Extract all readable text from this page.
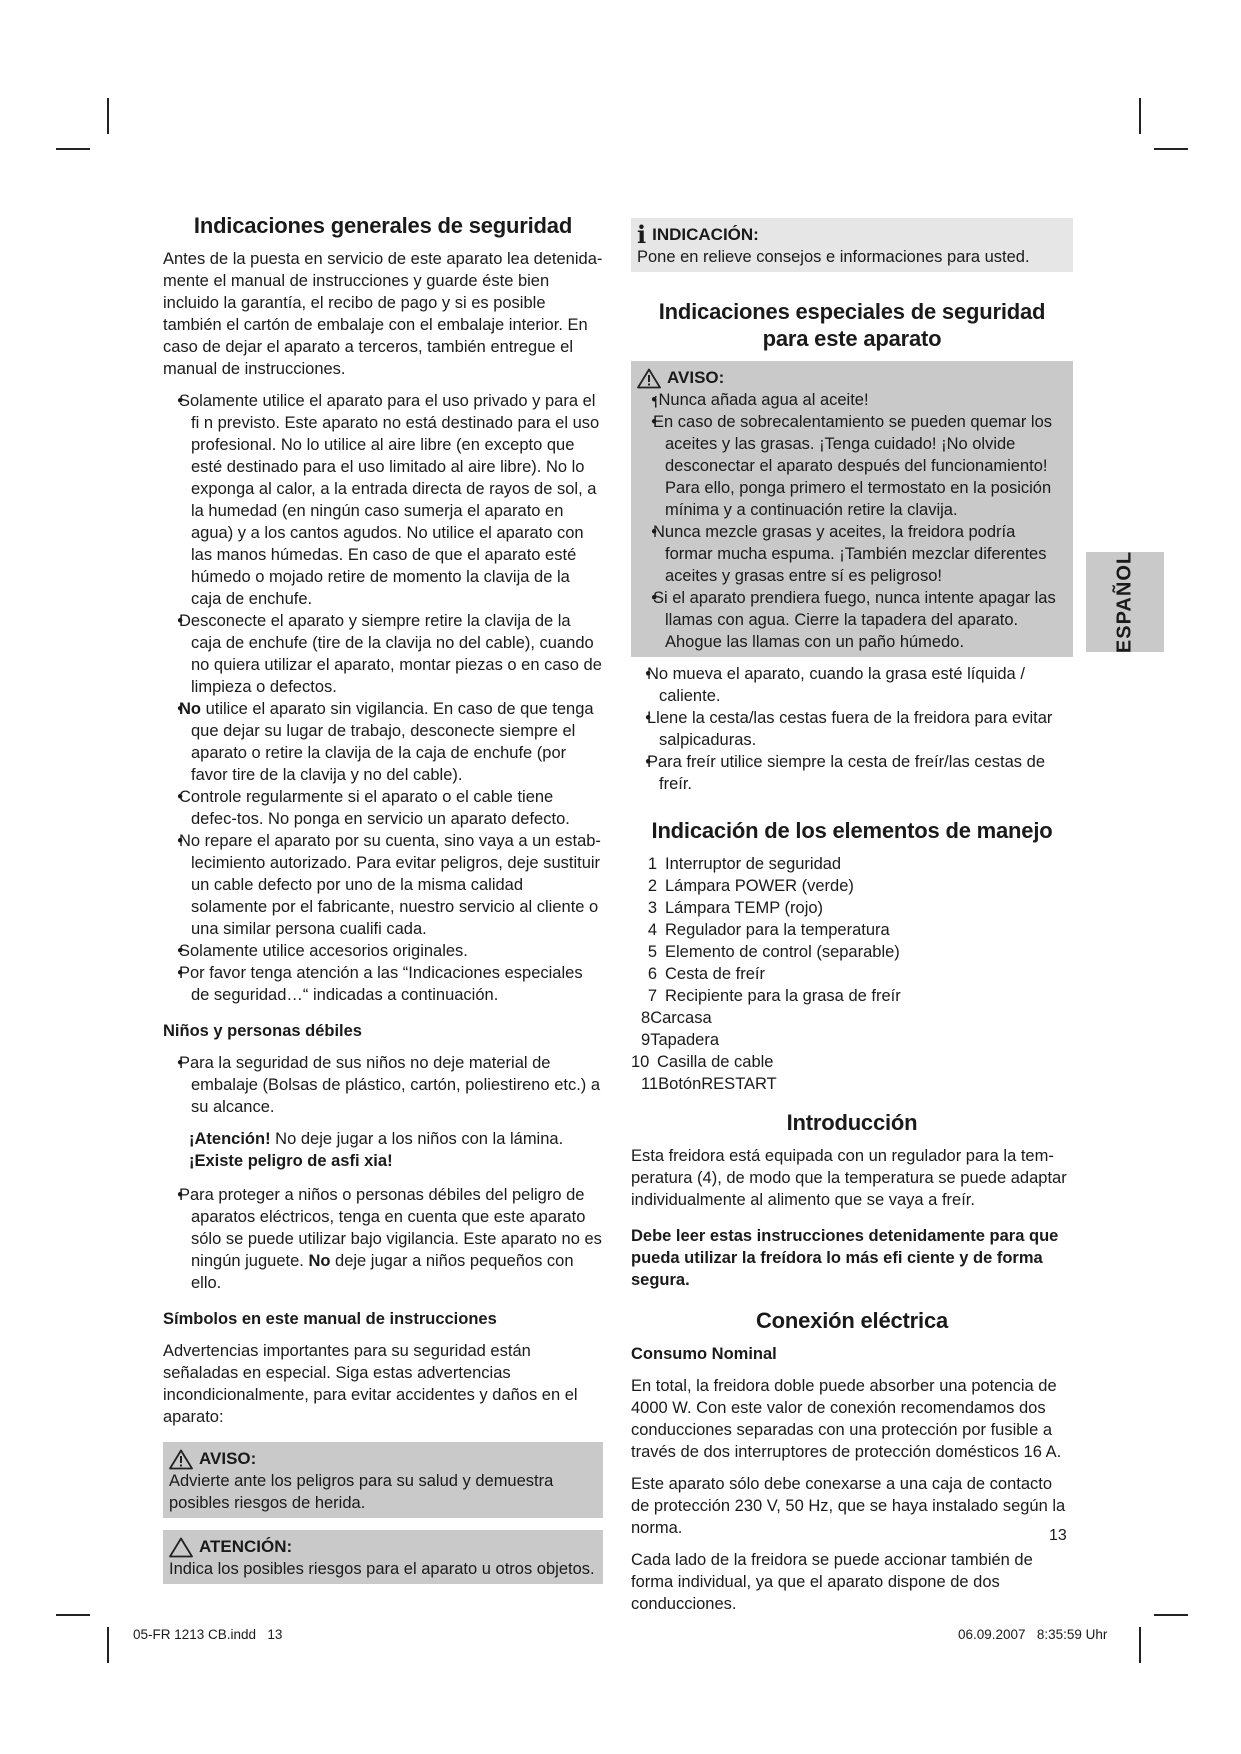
Indicaciones generales de seguridad

Antes de la puesta en servicio de este aparato lea detenida-mente el manual de instrucciones y guarde éste bien incluido la garantía, el recibo de pago y si es posible también el cartón de embalaje con el embalaje interior. En caso de dejar el aparato a terceros, también entregue el manual de instrucciones.

• Solamente utilice el aparato para el uso privado y para el fi n previsto. Este aparato no está destinado para el uso profesional. No lo utilice al aire libre (en excepto que esté destinado para el uso limitado al aire libre). No lo exponga al calor, a la entrada directa de rayos de sol, a la humedad (en ningún caso sumerja el aparato en agua) y a los cantos agudos. No utilice el aparato con las manos húmedas. En caso de que el aparato esté húmedo o mojado retire de momento la clavija de la caja de enchufe.
• Desconecte el aparato y siempre retire la clavija de la caja de enchufe (tire de la clavija no del cable), cuando no quiera utilizar el aparato, montar piezas o en caso de limpieza o defectos.
• No utilice el aparato sin vigilancia. En caso de que tenga que dejar su lugar de trabajo, desconecte siempre el aparato o retire la clavija de la caja de enchufe (por favor tire de la clavija y no del cable).
• Controle regularmente si el aparato o el cable tiene defec-tos. No ponga en servicio un aparato defecto.
• No repare el aparato por su cuenta, sino vaya a un estab-lecimiento autorizado. Para evitar peligros, deje sustituir un cable defecto por uno de la misma calidad solamente por el fabricante, nuestro servicio al cliente o una similar persona cualifi cada.
• Solamente utilice accesorios originales.
• Por favor tenga atención a las “Indicaciones especiales de seguridad…“ indicadas a continuación.
Niños y personas débiles
• Para la seguridad de sus niños no deje material de embalaje (Bolsas de plástico, cartón, poliestireno etc.) a su alcance.

¡Atención! No deje jugar a los niños con la lámina. ¡Existe peligro de asfi xia!

• Para proteger a niños o personas débiles del peligro de aparatos eléctricos, tenga en cuenta que este aparato sólo se puede utilizar bajo vigilancia. Este aparato no es ningún juguete. No deje jugar a niños pequeños con ello.
Símbolos en este manual de instrucciones

Advertencias importantes para su seguridad están señaladas en especial. Siga estas advertencias incondicionalmente, para evitar accidentes y daños en el aparato:

AVISO:
Advierte ante los peligros para su salud y demuestra posibles riesgos de herida.
ATENCIÓN:
Indica los posibles riesgos para el aparato u otros objetos.
i INDICACIÓN:
Pone en relieve consejos e informaciones para usted.
Indicaciones especiales de seguridad
para este aparato
AVISO:
• ¡Nunca añada agua al aceite!
• En caso de sobrecalentamiento se pueden quemar los aceites y las grasas. ¡Tenga cuidado! ¡No olvide desconectar el aparato después del funcionamiento! Para ello, ponga primero el termostato en la posición mínima y a continuación retire la clavija.
• Nunca mezcle grasas y aceites, la freidora podría formar mucha espuma. ¡También mezclar diferentes aceites y grasas entre sí es peligroso!
• Si el aparato prendiera fuego, nunca intente apagar las llamas con agua. Cierre la tapadera del aparato. Ahogue las llamas con un paño húmedo.
• No mueva el aparato, cuando la grasa esté líquida / caliente.
• Llene la cesta/las cestas fuera de la freidora para evitar salpicaduras.
• Para freír utilice siempre la cesta de freír/las cestas de freír.
Indicación de los elementos de manejo
1 Interruptor de seguridad
2 Lámpara POWER (verde)
3 Lámpara TEMP (rojo)
4 Regulador para la temperatura
5 Elemento de control (separable)
6 Cesta de freír
7 Recipiente para la grasa de freír
8 Carcasa
9 Tapadera
10 Casilla de cable
11 Botón RESTART
Introducción

Esta freidora está equipada con un regulador para la tem-peratura (4), de modo que la temperatura se puede adaptar individualmente al alimento que se vaya a freír.

Debe leer estas instrucciones detenidamente para que pueda utilizar la freídora lo más efi ciente y de forma segura.

Conexión eléctrica
Consumo Nominal

En total, la freidora doble puede absorber una potencia de 4000 W. Con este valor de conexión recomendamos dos conducciones separadas con una protección por fusible a través de dos interruptores de protección domésticos 16 A.

Este aparato sólo debe conexarse a una caja de contacto de protección 230 V, 50 Hz, que se haya instalado según la norma.

Cada lado de la freidora se puede accionar también de forma individual, ya que el aparato dispone de dos conducciones.

ESPAÑOL
13
05-FR 1213 CB.indd   13	06.09.2007   8:35:59 Uhr
